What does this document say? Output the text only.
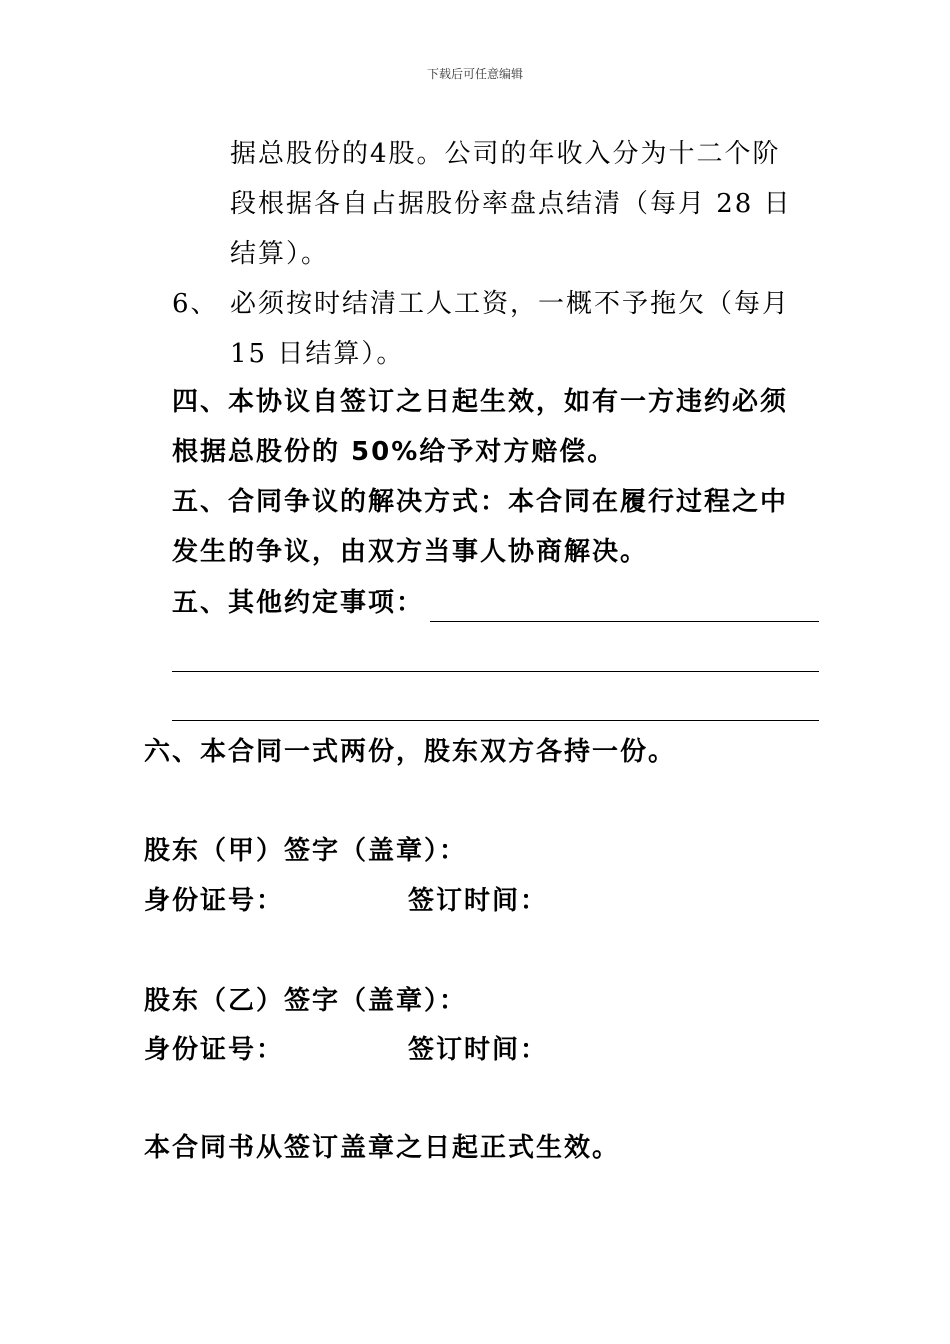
下载后可任意编辑
据总股份的4股。公司的年收入分为十二个阶
段根据各自占据股份率盘点结清（每月 28 日
结算）。
6、 必须按时结清工人工资，一概不予拖欠（每月
15 日结算）。
四、本协议自签订之日起生效，如有一方违约必须
根据总股份的 50%给予对方赔偿。
五、合同争议的解决方式：本合同在履行过程之中
发生的争议，由双方当事人协商解决。
五、其他约定事项：
六、本合同一式两份，股东双方各持一份。
股东（甲）签字（盖章）：
身份证号：	签订时间：
股东（乙）签字（盖章）：
身份证号：	签订时间：
本合同书从签订盖章之日起正式生效。
